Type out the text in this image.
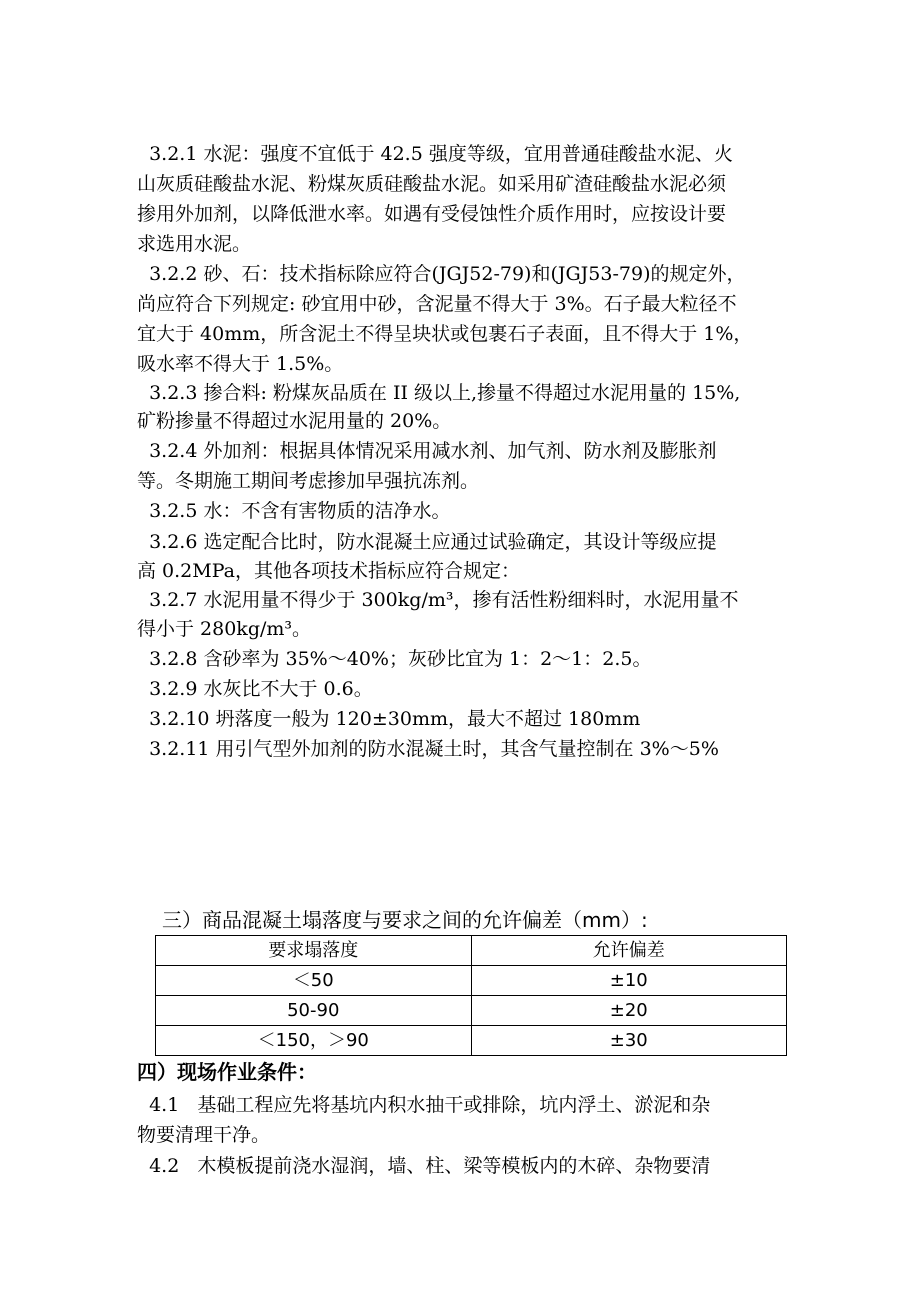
3.2.1 水泥：强度不宜低于 42.5 强度等级，宜用普通硅酸盐水泥、火
山灰质硅酸盐水泥、粉煤灰质硅酸盐水泥。如采用矿渣硅酸盐水泥必须
掺用外加剂，以降低泄水率。如遇有受侵蚀性介质作用时，应按设计要
求选用水泥。
3.2.2 砂、石：技术指标除应符合(JGJ52-79)和(JGJ53-79)的规定外，
尚应符合下列规定: 砂宜用中砂，含泥量不得大于 3%。石子最大粒径不
宜大于 40mm，所含泥土不得呈块状或包裹石子表面，且不得大于 1%，
吸水率不得大于 1.5%。
3.2.3 掺合料: 粉煤灰品质在 II 级以上,掺量不得超过水泥用量的 15%,
矿粉掺量不得超过水泥用量的 20%。
3.2.4 外加剂：根据具体情况采用减水剂、加气剂、防水剂及膨胀剂
等。冬期施工期间考虑掺加早强抗冻剂。
3.2.5 水：不含有害物质的洁净水。
3.2.6 选定配合比时，防水混凝土应通过试验确定，其设计等级应提
高 0.2MPa，其他各项技术指标应符合规定：
3.2.7 水泥用量不得少于 300kg/m³，掺有活性粉细料时，水泥用量不
得小于 280kg/m³。
3.2.8 含砂率为 35%～40%；灰砂比宜为 1：2～1：2.5。
3.2.9 水灰比不大于 0.6。
3.2.10 坍落度一般为 120±30mm，最大不超过 180mm
3.2.11 用引气型外加剂的防水混凝土时，其含气量控制在 3%～5%
三）商品混凝土塌落度与要求之间的允许偏差（mm）:
要求塌落度	允许偏差
＜50	±10
50-90	±20
＜150，＞90	±30
四）现场作业条件：
4.1   基础工程应先将基坑内积水抽干或排除，坑内浮土、淤泥和杂
物要清理干净。
4.2   木模板提前浇水湿润，墙、柱、梁等模板内的木碎、杂物要清
